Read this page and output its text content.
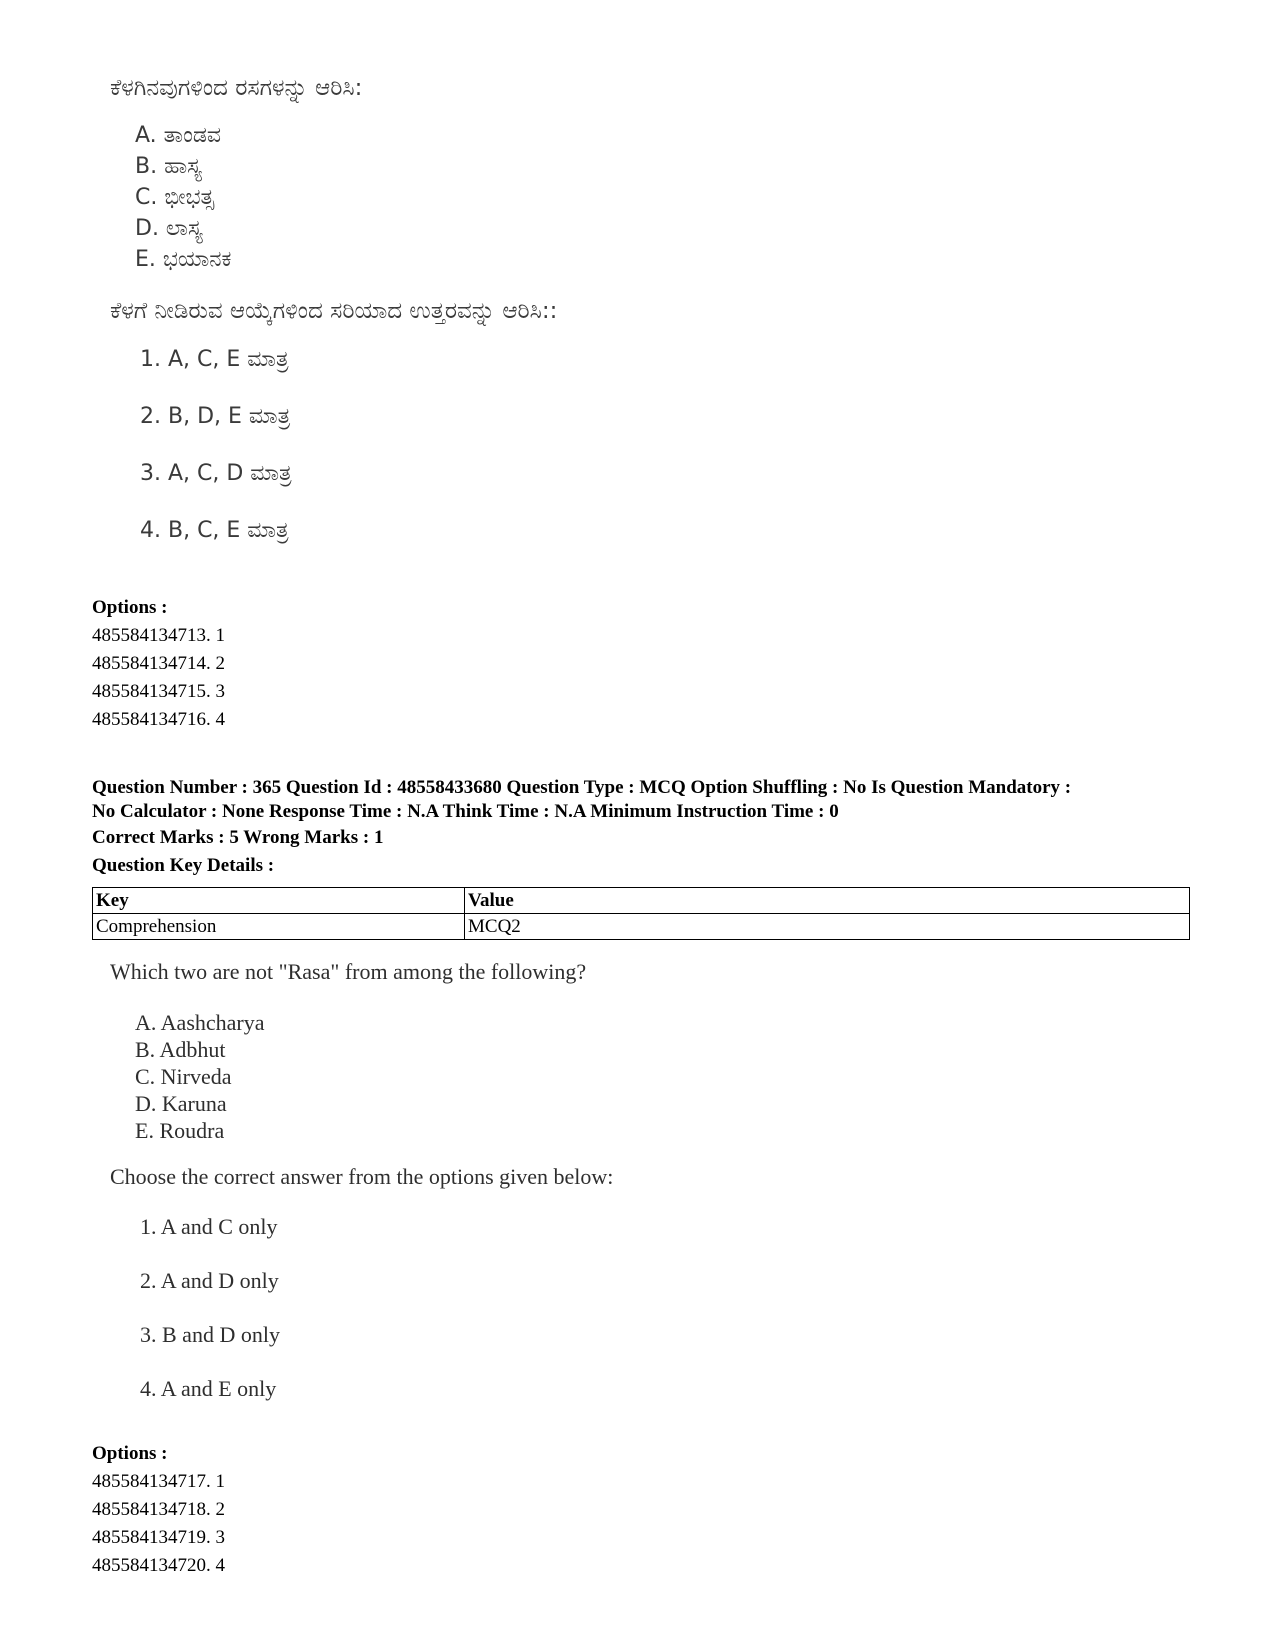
ಕೆಳಗಿನವುಗಳಿಂದ ರಸಗಳನ್ನು ಆರಿಸಿ:

A. ತಾಂಡವ
B. ಹಾಸ್ಯ
C. ಭೀಭತ್ಸ
D. ಲಾಸ್ಯ
E. ಭಯಾನಕ

ಕೆಳಗೆ ನೀಡಿರುವ ಆಯ್ಕೆಗಳಿಂದ ಸರಿಯಾದ ಉತ್ತರವನ್ನು ಆರಿಸಿ::

1. A, C, E ಮಾತ್ರ
2. B, D, E ಮಾತ್ರ
3. A, C, D ಮಾತ್ರ
4. B, C, E ಮಾತ್ರ
Options :
485584134713. 1
485584134714. 2
485584134715. 3
485584134716. 4
Question Number : 365 Question Id : 48558433680 Question Type : MCQ Option Shuffling : No Is Question Mandatory :
No Calculator : None Response Time : N.A Think Time : N.A Minimum Instruction Time : 0
Correct Marks : 5 Wrong Marks : 1
Question Key Details :
Key	Value
Comprehension	MCQ2

Which two are not "Rasa" from among the following?

A. Aashcharya
B. Adbhut
C. Nirveda
D. Karuna
E. Roudra

Choose the correct answer from the options given below:

1. A and C only
2. A and D only
3. B and D only
4. A and E only
Options :
485584134717. 1
485584134718. 2
485584134719. 3
485584134720. 4
